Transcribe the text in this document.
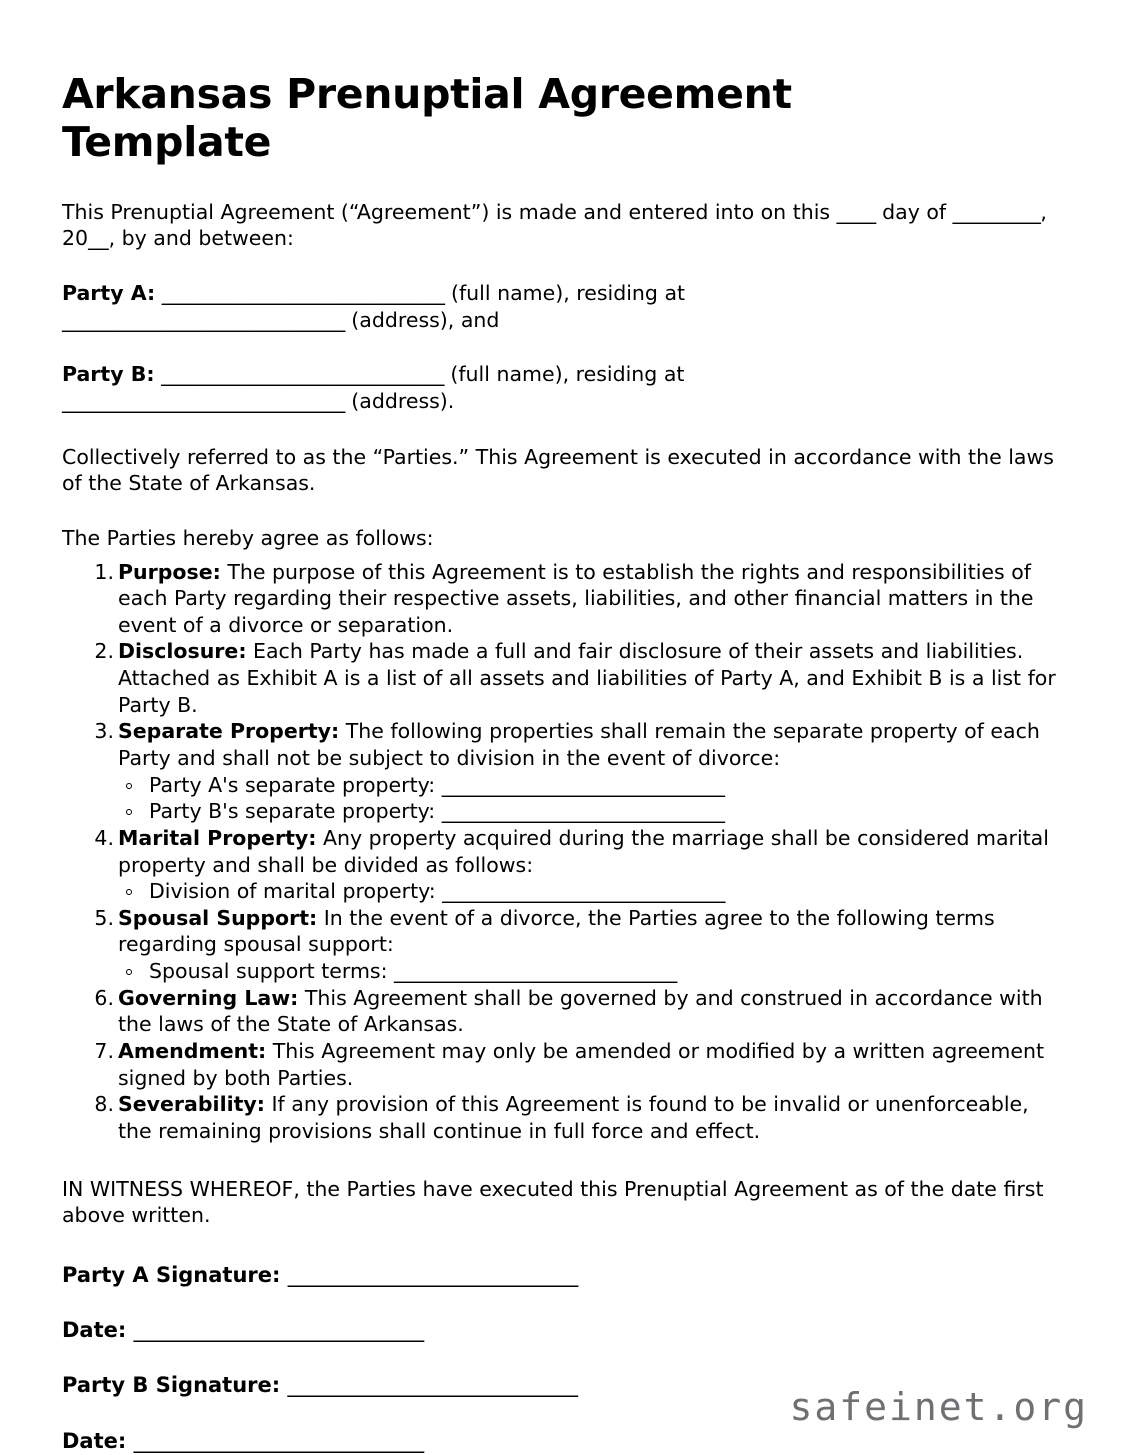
Arkansas Prenuptial Agreement Template

This Prenuptial Agreement (“Agreement”) is made and entered into on this ____ day of _________, 20__, by and between:

Party A: _____________________________ (full name), residing at _____________________________ (address), and

Party B: _____________________________ (full name), residing at _____________________________ (address).

Collectively referred to as the “Parties.” This Agreement is executed in accordance with the laws of the State of Arkansas.

The Parties hereby agree as follows:

Purpose: The purpose of this Agreement is to establish the rights and responsibilities of each Party regarding their respective assets, liabilities, and other financial matters in the event of a divorce or separation.
Disclosure: Each Party has made a full and fair disclosure of their assets and liabilities. Attached as Exhibit A is a list of all assets and liabilities of Party A, and Exhibit B is a list for Party B.
Separate Property: The following properties shall remain the separate property of each Party and shall not be subject to division in the event of divorce:
Party A's separate property: _____________________________
Party B's separate property: _____________________________
Marital Property: Any property acquired during the marriage shall be considered marital property and shall be divided as follows:
Division of marital property: _____________________________
Spousal Support: In the event of a divorce, the Parties agree to the following terms regarding spousal support:
Spousal support terms: _____________________________
Governing Law: This Agreement shall be governed by and construed in accordance with the laws of the State of Arkansas.
Amendment: This Agreement may only be amended or modified by a written agreement signed by both Parties.
Severability: If any provision of this Agreement is found to be invalid or unenforceable, the remaining provisions shall continue in full force and effect.

IN WITNESS WHEREOF, the Parties have executed this Prenuptial Agreement as of the date first above written.

Party A Signature: _____________________________

Date: _____________________________

Party B Signature: _____________________________

Date: _____________________________

safeinet.org
